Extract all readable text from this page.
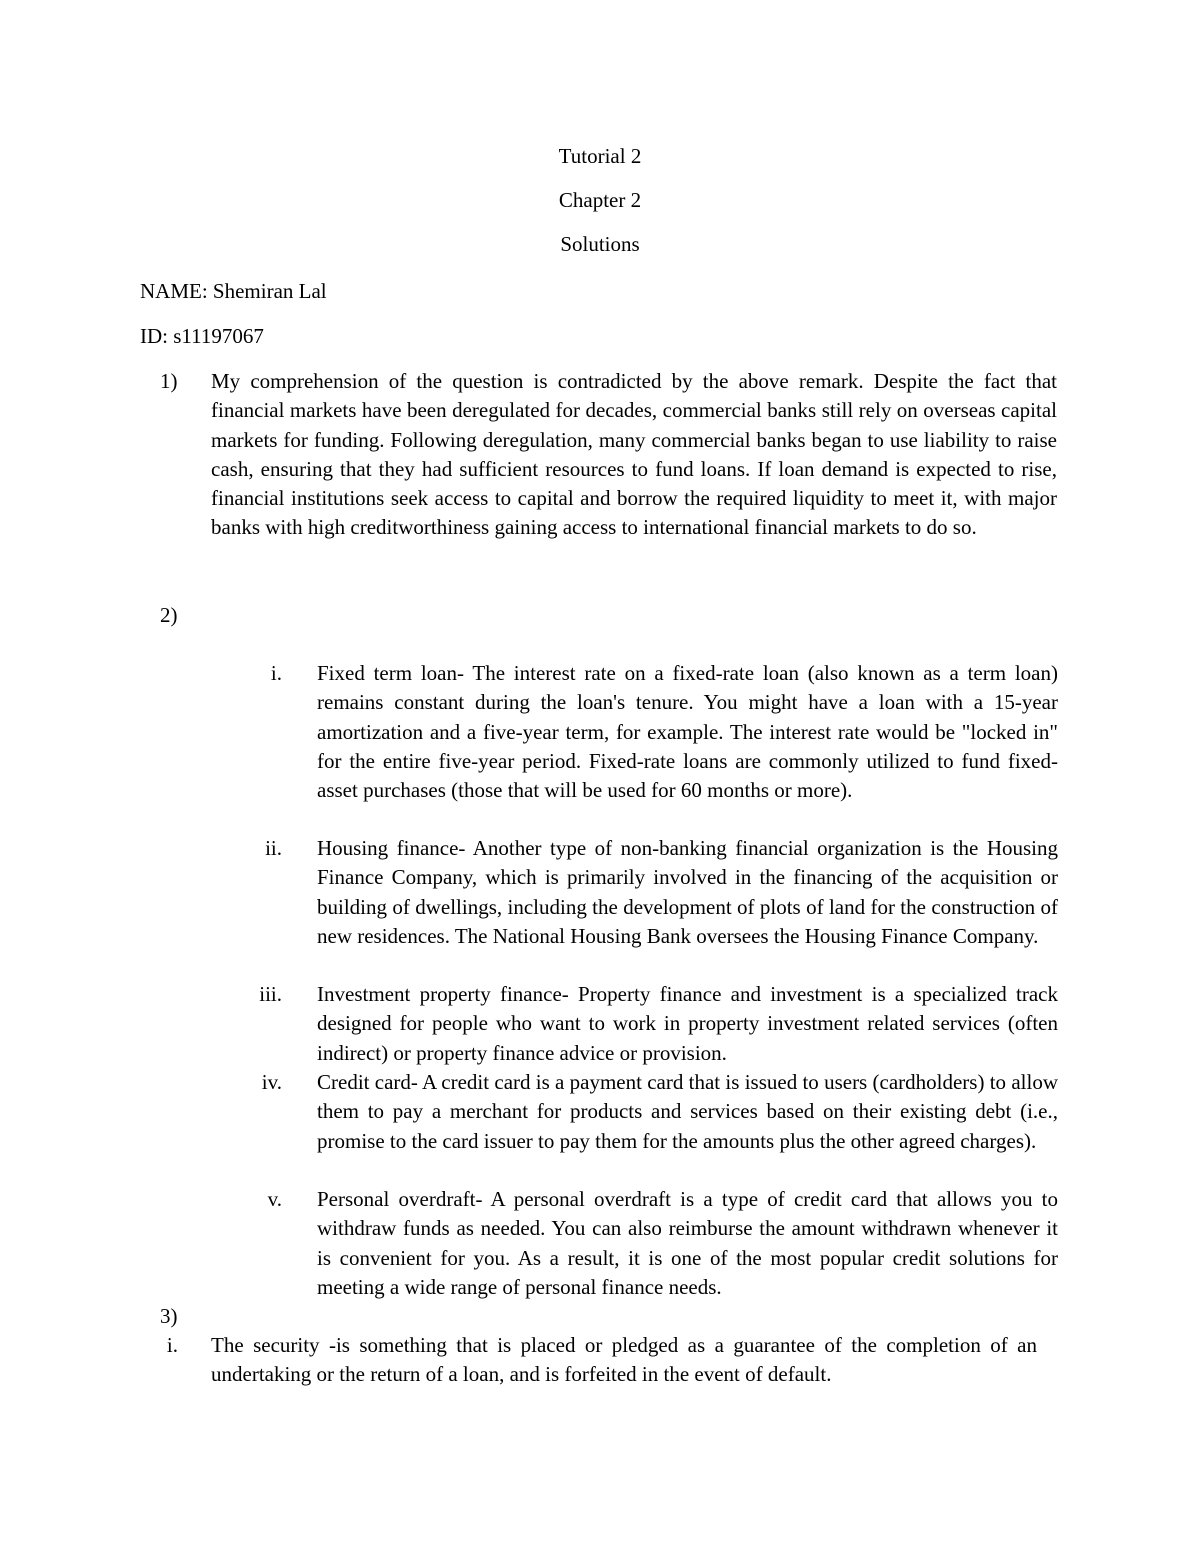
Tutorial 2
Chapter 2
Solutions
NAME: Shemiran Lal
ID: s11197067
1)	My comprehension of the question is contradicted by the above remark. Despite the fact that financial markets have been deregulated for decades, commercial banks still rely on overseas capital markets for funding. Following deregulation, many commercial banks began to use liability to raise cash, ensuring that they had sufficient resources to fund loans. If loan demand is expected to rise, financial institutions seek access to capital and borrow the required liquidity to meet it, with major banks with high creditworthiness gaining access to international financial markets to do so.

2)
i. Fixed term loan- The interest rate on a fixed-rate loan (also known as a term loan) remains constant during the loan's tenure. You might have a loan with a 15-year amortization and a five-year term, for example. The interest rate would be "locked in" for the entire five-year period. Fixed-rate loans are commonly utilized to fund fixed-asset purchases (those that will be used for 60 months or more).

ii. Housing finance- Another type of non-banking financial organization is the Housing Finance Company, which is primarily involved in the financing of the acquisition or building of dwellings, including the development of plots of land for the construction of new residences. The National Housing Bank oversees the Housing Finance Company.

iii. Investment property finance- Property finance and investment is a specialized track designed for people who want to work in property investment related services (often indirect) or property finance advice or provision.

iv. Credit card- A credit card is a payment card that is issued to users (cardholders) to allow them to pay a merchant for products and services based on their existing debt (i.e., promise to the card issuer to pay them for the amounts plus the other agreed charges).

v. Personal overdraft- A personal overdraft is a type of credit card that allows you to withdraw funds as needed. You can also reimburse the amount withdrawn whenever it is convenient for you. As a result, it is one of the most popular credit solutions for meeting a wide range of personal finance needs.

3)
i. The security -is something that is placed or pledged as a guarantee of the completion of an undertaking or the return of a loan, and is forfeited in the event of default.
